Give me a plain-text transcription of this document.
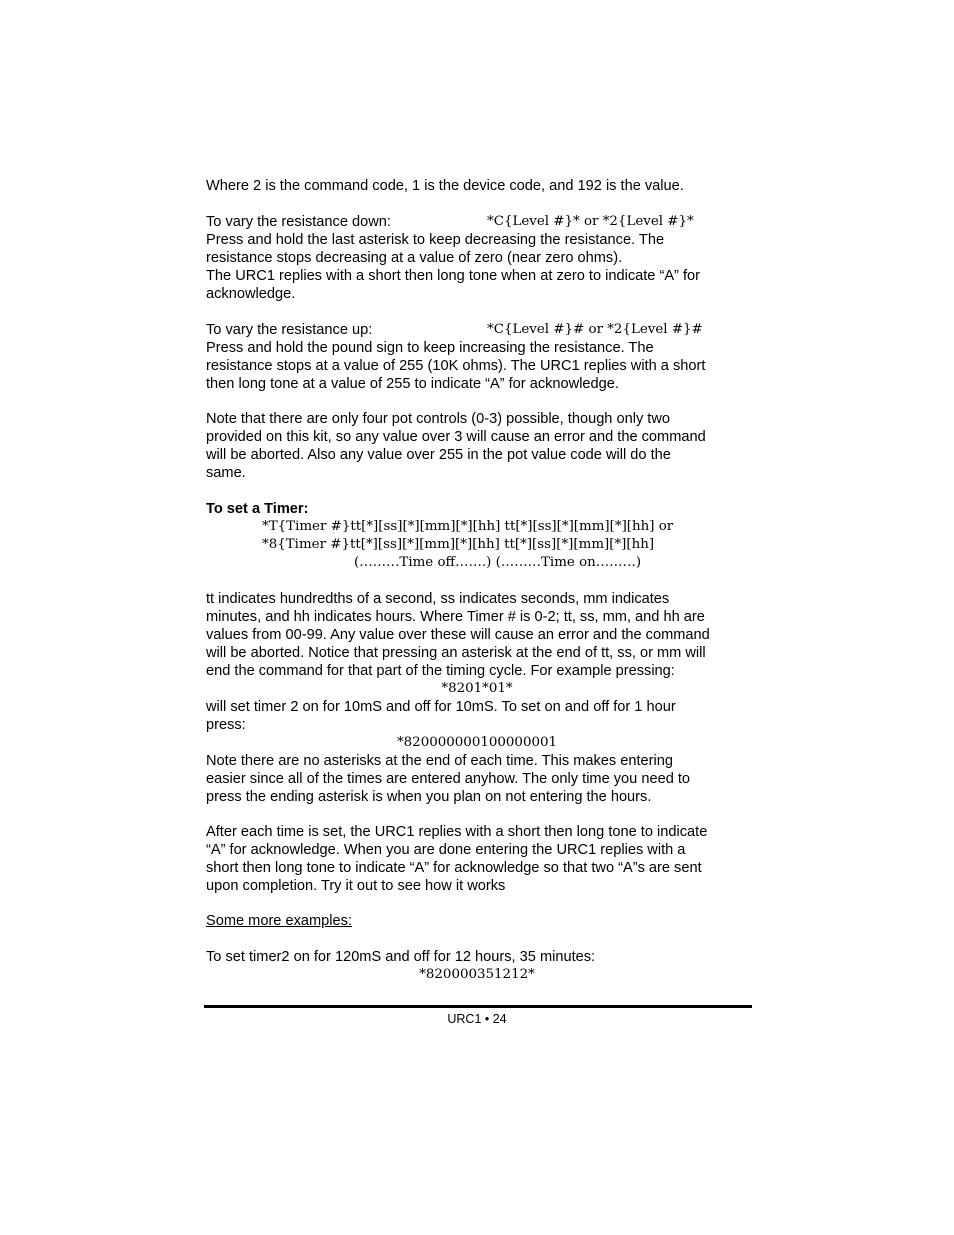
Where 2 is the command code, 1 is the device code, and 192 is the value.
To vary the resistance down:	*C{Level #}* or *2{Level #}*
Press and hold the last asterisk to keep decreasing the resistance. The
resistance stops decreasing at a value of zero (near zero ohms).
The URC1 replies with a short then long tone when at zero to indicate “A” for
acknowledge.
To vary the resistance up:	*C{Level #}# or *2{Level #}#
Press and hold the pound sign to keep increasing the resistance. The
resistance stops at a value of 255 (10K ohms). The URC1 replies with a short
then long tone at a value of 255 to indicate “A” for acknowledge.
Note that there are only four pot controls (0-3) possible, though only two
provided on this kit, so any value over 3 will cause an error and the command
will be aborted. Also any value over 255 in the pot value code will do the
same.
To set a Timer:
*T{Timer #}tt[*][ss][*][mm][*][hh] tt[*][ss][*][mm][*][hh] or
*8{Timer #}tt[*][ss][*][mm][*][hh] tt[*][ss][*][mm][*][hh]
(………Time off…….) (………Time on………)
tt indicates hundredths of a second, ss indicates seconds, mm indicates
minutes, and hh indicates hours. Where Timer # is 0-2; tt, ss, mm, and hh are
values from 00-99. Any value over these will cause an error and the command
will be aborted. Notice that pressing an asterisk at the end of tt, ss, or mm will
end the command for that part of the timing cycle. For example pressing:
*8201*01*
will set timer 2 on for 10mS and off for 10mS. To set on and off for 1 hour
press:
*820000000100000001
Note there are no asterisks at the end of each time. This makes entering
easier since all of the times are entered anyhow. The only time you need to
press the ending asterisk is when you plan on not entering the hours.
After each time is set, the URC1 replies with a short then long tone to indicate
“A” for acknowledge. When you are done entering the URC1 replies with a
short then long tone to indicate “A” for acknowledge so that two “A”s are sent
upon completion. Try it out to see how it works
Some more examples:
To set timer2 on for 120mS and off for 12 hours, 35 minutes:
*820000351212*
URC1 • 24
